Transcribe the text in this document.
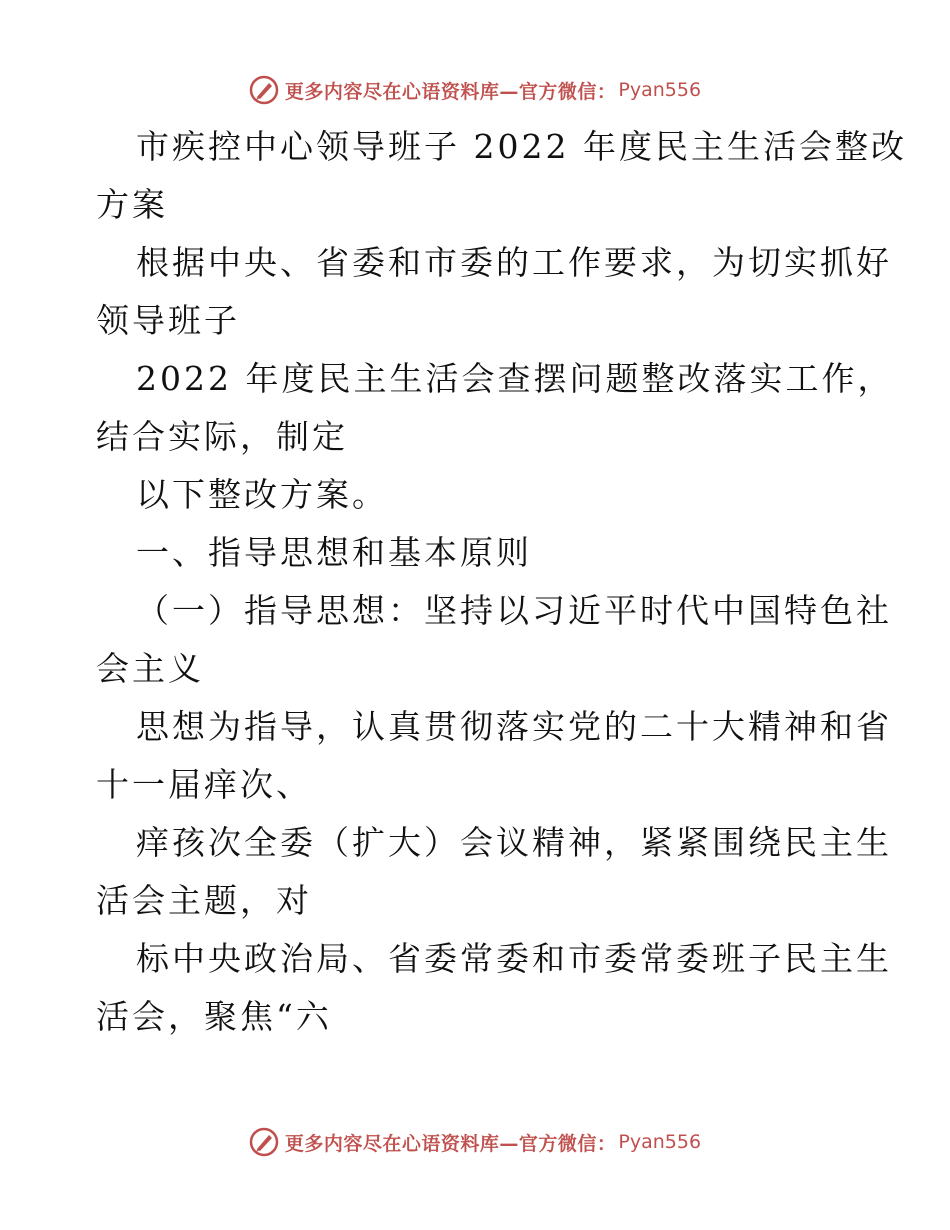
更多内容尽在心语资料库—官方微信： Pyan556
市疾控中心领导班子 2022 年度民主生活会整改
方案
根据中央、省委和市委的工作要求，为切实抓好
领导班子
2022 年度民主生活会查摆问题整改落实工作，
结合实际，制定
以下整改方案。
一、指导思想和基本原则
（一）指导思想：坚持以习近平时代中国特色社
会主义
思想为指导，认真贯彻落实党的二十大精神和省
十一届痒次、
痒孩次全委（扩大）会议精神，紧紧围绕民主生
活会主题，对
标中央政治局、省委常委和市委常委班子民主生
活会，聚焦“六
更多内容尽在心语资料库—官方微信： Pyan556
